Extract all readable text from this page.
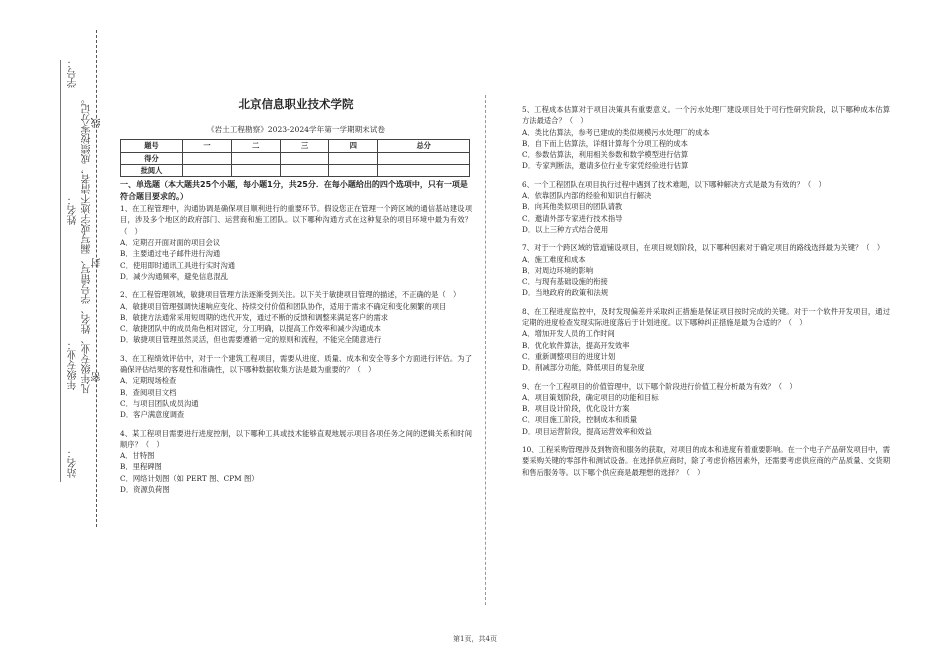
学号：
姓名：
年级专业：
站名：
凡年级专业、姓名、学号错写、漏写或字迹不清者，成绩按零分记。 线
封
密
北京信息职业技术学院
《岩土工程勘察》2023-2024学年第一学期期末试卷
题号	一	二	三	四	总分
得分					
批阅人					
一、单选题（本大题共25个小题，每小题1分，共25分．在每小题给出的四个选项中，只有一项是符合题目要求的。）
1、在工程管理中，沟通协调是确保项目顺利进行的重要环节。假设您正在管理一个跨区域的通信基站建设项目，涉及多个地区的政府部门、运营商和施工团队。以下哪种沟通方式在这种复杂的项目环境中最为有效？（　）
A．定期召开面对面的项目会议
B．主要通过电子邮件进行沟通
C．使用即时通讯工具进行实时沟通
D．减少沟通频率，避免信息混乱
2、在工程管理领域，敏捷项目管理方法逐渐受到关注。以下关于敏捷项目管理的描述，不正确的是（　）
A．敏捷项目管理强调快速响应变化、持续交付价值和团队协作，适用于需求不确定和变化频繁的项目
B．敏捷方法通常采用短周期的迭代开发，通过不断的反馈和调整来满足客户的需求
C．敏捷团队中的成员角色相对固定，分工明确，以提高工作效率和减少沟通成本
D．敏捷项目管理虽然灵活，但也需要遵循一定的原则和流程，不能完全随意进行
3、在工程绩效评估中，对于一个建筑工程项目，需要从进度、质量、成本和安全等多个方面进行评估。为了确保评估结果的客观性和准确性，以下哪种数据收集方法是最为重要的？（　）
A．定期现场检查
B．查阅项目文档
C．与项目团队成员沟通
D．客户满意度调查
4、某工程项目需要进行进度控制，以下哪种工具或技术能够直观地展示项目各项任务之间的逻辑关系和时间顺序？（　）
A．甘特图
B．里程碑图
C．网络计划图（如 PERT 图、CPM 图）
D．资源负荷图
5、工程成本估算对于项目决策具有重要意义。一个污水处理厂建设项目处于可行性研究阶段，以下哪种成本估算方法最适合？（　）
A．类比估算法，参考已建成的类似规模污水处理厂的成本
B．自下而上估算法，详细计算每个分项工程的成本
C．参数估算法，利用相关参数和数学模型进行估算
D．专家判断法，邀请多位行业专家凭经验进行估算
6、一个工程团队在项目执行过程中遇到了技术难题，以下哪种解决方式是最为有效的？（　）
A．依靠团队内部的经验和知识自行解决
B．向其他类似项目的团队请教
C．邀请外部专家进行技术指导
D．以上三种方式结合使用
7、对于一个跨区域的管道铺设项目，在项目规划阶段，以下哪种因素对于确定项目的路线选择最为关键？（　）
A．施工难度和成本
B．对周边环境的影响
C．与现有基础设施的衔接
D．当地政府的政策和法规
8、在工程进度监控中，及时发现偏差并采取纠正措施是保证项目按时完成的关键。对于一个软件开发项目，通过定期的进度检查发现实际进度落后于计划进度。以下哪种纠正措施是最为合适的？（　）
A．增加开发人员的工作时间
B．优化软件算法，提高开发效率
C．重新调整项目的进度计划
D．削减部分功能，降低项目的复杂度
9、在一个工程项目的价值管理中，以下哪个阶段进行价值工程分析最为有效？（　）
A．项目策划阶段，确定项目的功能和目标
B．项目设计阶段，优化设计方案
C．项目施工阶段，控制成本和质量
D．项目运营阶段，提高运营效率和效益
10、工程采购管理涉及到物资和服务的获取，对项目的成本和进度有着重要影响。在一个电子产品研发项目中，需要采购关键的零部件和测试设备。在选择供应商时，除了考虑价格因素外，还需要考虑供应商的产品质量、交货期和售后服务等。以下哪个供应商是最理想的选择？（　）
第1页，共4页
